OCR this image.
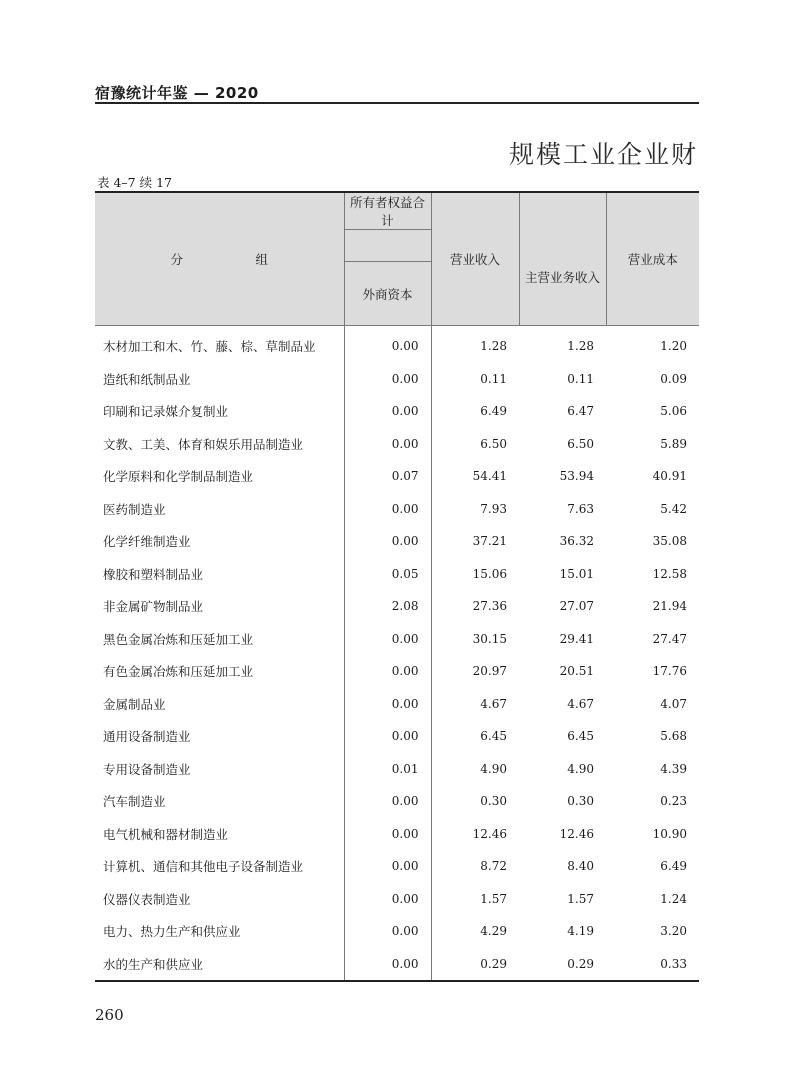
宿豫统计年鉴 — 2020
规模工业企业财
表 4–7 续 17
分　组	所有者权益合计	营业收入		营业成本
			主营业务收入	
	外商资本			
木材加工和木、竹、藤、棕、草制品业	0.00	1.28	1.28	1.20
造纸和纸制品业	0.00	0.11	0.11	0.09
印刷和记录媒介复制业	0.00	6.49	6.47	5.06
文教、工美、体育和娱乐用品制造业	0.00	6.50	6.50	5.89
化学原料和化学制品制造业	0.07	54.41	53.94	40.91
医药制造业	0.00	7.93	7.63	5.42
化学纤维制造业	0.00	37.21	36.32	35.08
橡胶和塑料制品业	0.05	15.06	15.01	12.58
非金属矿物制品业	2.08	27.36	27.07	21.94
黑色金属冶炼和压延加工业	0.00	30.15	29.41	27.47
有色金属冶炼和压延加工业	0.00	20.97	20.51	17.76
金属制品业	0.00	4.67	4.67	4.07
通用设备制造业	0.00	6.45	6.45	5.68
专用设备制造业	0.01	4.90	4.90	4.39
汽车制造业	0.00	0.30	0.30	0.23
电气机械和器材制造业	0.00	12.46	12.46	10.90
计算机、通信和其他电子设备制造业	0.00	8.72	8.40	6.49
仪器仪表制造业	0.00	1.57	1.57	1.24
电力、热力生产和供应业	0.00	4.29	4.19	3.20
水的生产和供应业	0.00	0.29	0.29	0.33
260
